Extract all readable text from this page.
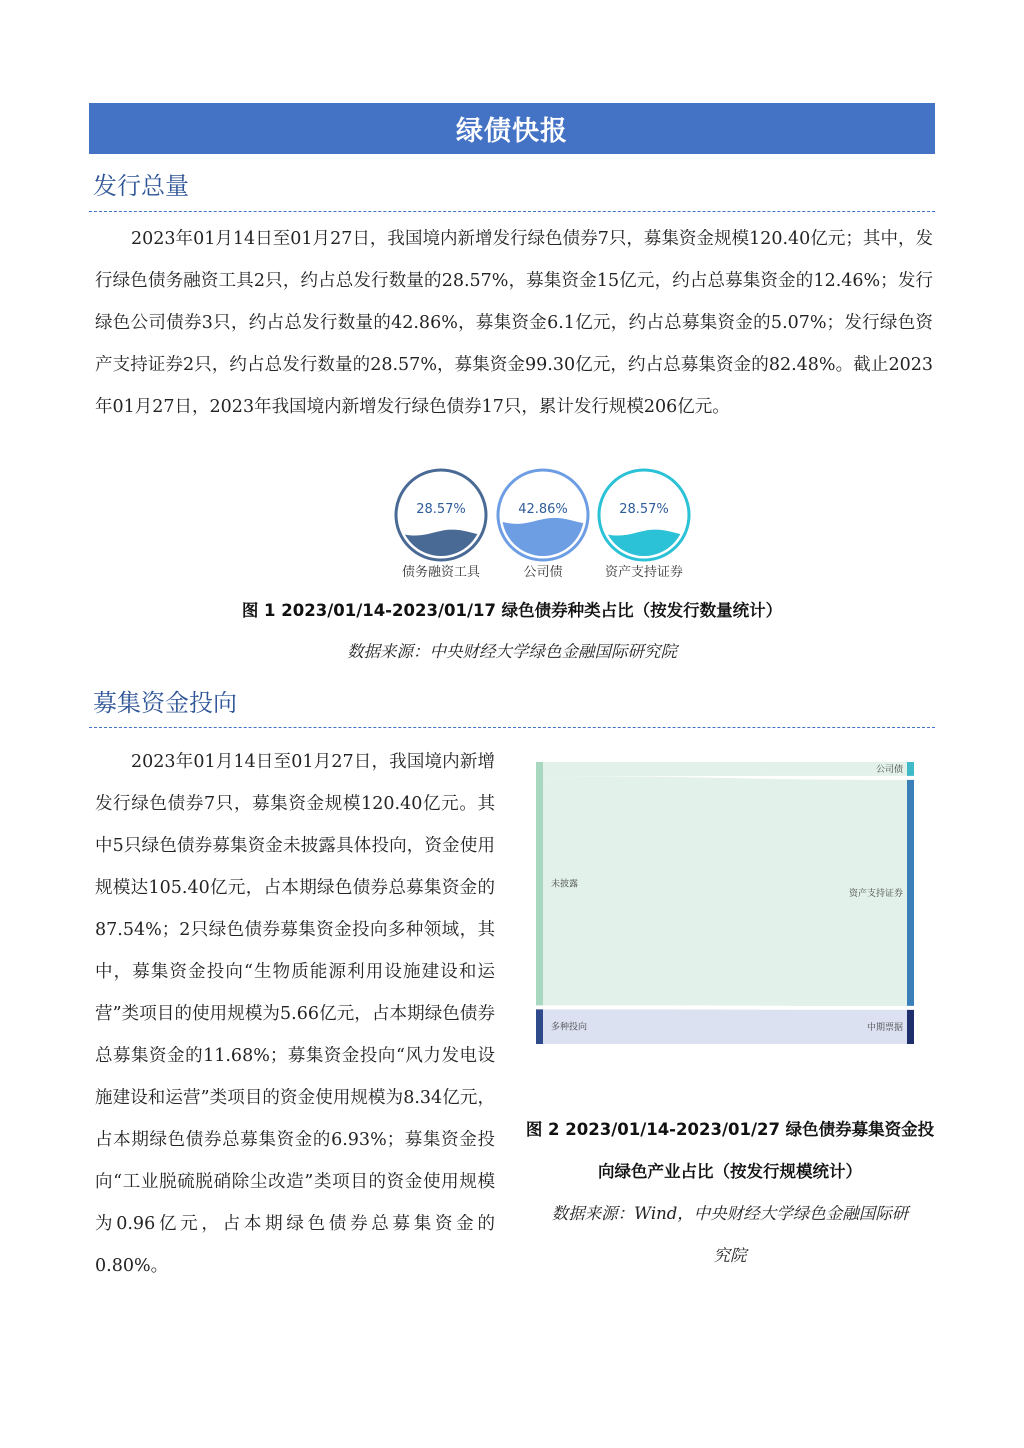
绿债快报
发行总量

2023年01月14日至01月27日，我国境内新增发行绿色债券7只，募集资金规模120.40亿元；其中，发行绿色债务融资工具2只，约占总发行数量的28.57%，募集资金15亿元，约占总募集资金的12.46%；发行绿色公司债券3只，约占总发行数量的42.86%，募集资金6.1亿元，约占总募集资金的5.07%；发行绿色资产支持证券2只，约占总发行数量的28.57%，募集资金99.30亿元，约占总募集资金的82.48%。截止2023年01月27日，2023年我国境内新增发行绿色债券17只，累计发行规模206亿元。

28.57%
债务融资工具
42.86%
公司债
28.57%
资产支持证券
图 1 2023/01/14-2023/01/17 绿色债券种类占比（按发行数量统计）
数据来源：中央财经大学绿色金融国际研究院
募集资金投向

2023年01月14日至01月27日，我国境内新增发行绿色债券7只，募集资金规模120.40亿元。其中5只绿色债券募集资金未披露具体投向，资金使用规模达105.40亿元，占本期绿色债券总募集资金的87.54%；2只绿色债券募集资金投向多种领域，其中，募集资金投向“生物质能源利用设施建设和运营”类项目的使用规模为5.66亿元，占本期绿色债券总募集资金的11.68%；募集资金投向“风力发电设施建设和运营”类项目的资金使用规模为8.34亿元，占本期绿色债券总募集资金的6.93%；募集资金投向“工业脱硫脱硝除尘改造”类项目的资金使用规模为0.96亿元，占本期绿色债券总募集资金的0.80%。

未披露
多种投向
公司债
资产支持证券
中期票据
图 2 2023/01/14-2023/01/27 绿色债券募集资金投
向绿色产业占比（按发行规模统计）
数据来源：Wind，中央财经大学绿色金融国际研
究院
